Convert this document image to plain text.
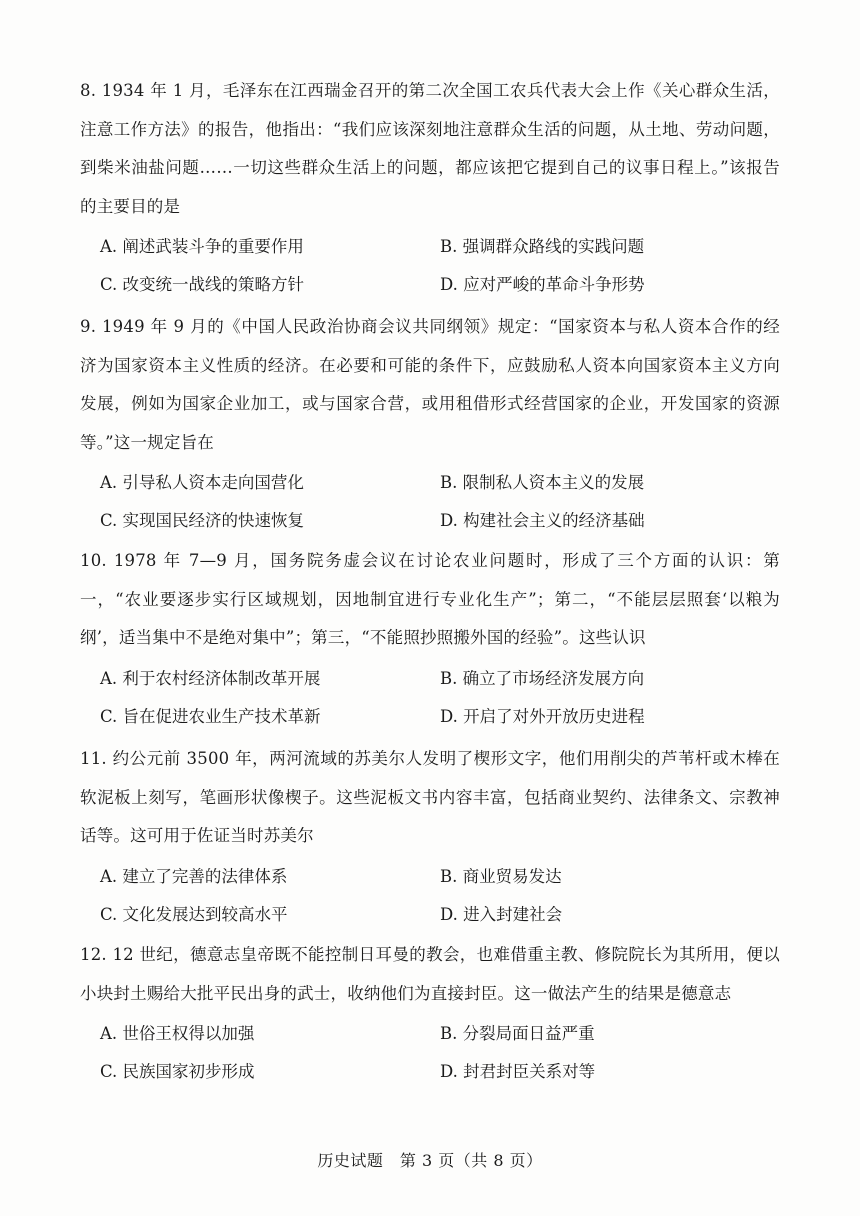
8. 1934 年 1 月，毛泽东在江西瑞金召开的第二次全国工农兵代表大会上作《关心群众生活，注意工作方法》的报告，他指出：“我们应该深刻地注意群众生活的问题，从土地、劳动问题，到柴米油盐问题……一切这些群众生活上的问题，都应该把它提到自己的议事日程上。”该报告的主要目的是

A. 阐述武装斗争的重要作用	B. 强调群众路线的实践问题
C. 改变统一战线的策略方针	D. 应对严峻的革命斗争形势

9. 1949 年 9 月的《中国人民政治协商会议共同纲领》规定：“国家资本与私人资本合作的经济为国家资本主义性质的经济。在必要和可能的条件下，应鼓励私人资本向国家资本主义方向发展，例如为国家企业加工，或与国家合营，或用租借形式经营国家的企业，开发国家的资源等。”这一规定旨在

A. 引导私人资本走向国营化	B. 限制私人资本主义的发展
C. 实现国民经济的快速恢复	D. 构建社会主义的经济基础

10. 1978 年 7—9 月，国务院务虚会议在讨论农业问题时，形成了三个方面的认识：第一，“农业要逐步实行区域规划，因地制宜进行专业化生产”；第二，“不能层层照套‘以粮为纲’，适当集中不是绝对集中”；第三，“不能照抄照搬外国的经验”。这些认识

A. 利于农村经济体制改革开展	B. 确立了市场经济发展方向
C. 旨在促进农业生产技术革新	D. 开启了对外开放历史进程

11. 约公元前 3500 年，两河流域的苏美尔人发明了楔形文字，他们用削尖的芦苇杆或木棒在软泥板上刻写，笔画形状像楔子。这些泥板文书内容丰富，包括商业契约、法律条文、宗教神话等。这可用于佐证当时苏美尔

A. 建立了完善的法律体系	B. 商业贸易发达
C. 文化发展达到较高水平	D. 进入封建社会

12. 12 世纪，德意志皇帝既不能控制日耳曼的教会，也难借重主教、修院院长为其所用，便以小块封土赐给大批平民出身的武士，收纳他们为直接封臣。这一做法产生的结果是德意志

A. 世俗王权得以加强	B. 分裂局面日益严重
C. 民族国家初步形成	D. 封君封臣关系对等
历史试题　第 3 页（共 8 页）
